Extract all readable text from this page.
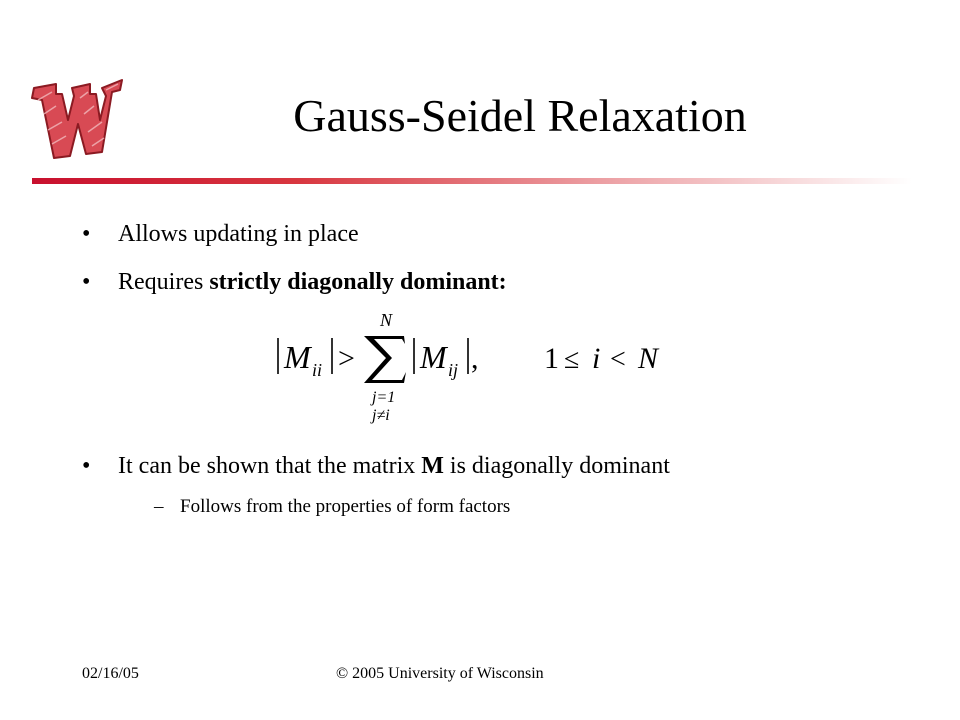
Gauss-Seidel Relaxation
• Allows updating in place
• Requires strictly diagonally dominant:
• It can be shown that the matrix M is diagonally dominant
– Follows from the properties of form factors
M ii >
N
j=1
j≠i
M ij , 1 ≤ i < N
02/16/05	© 2005 University of Wisconsin
